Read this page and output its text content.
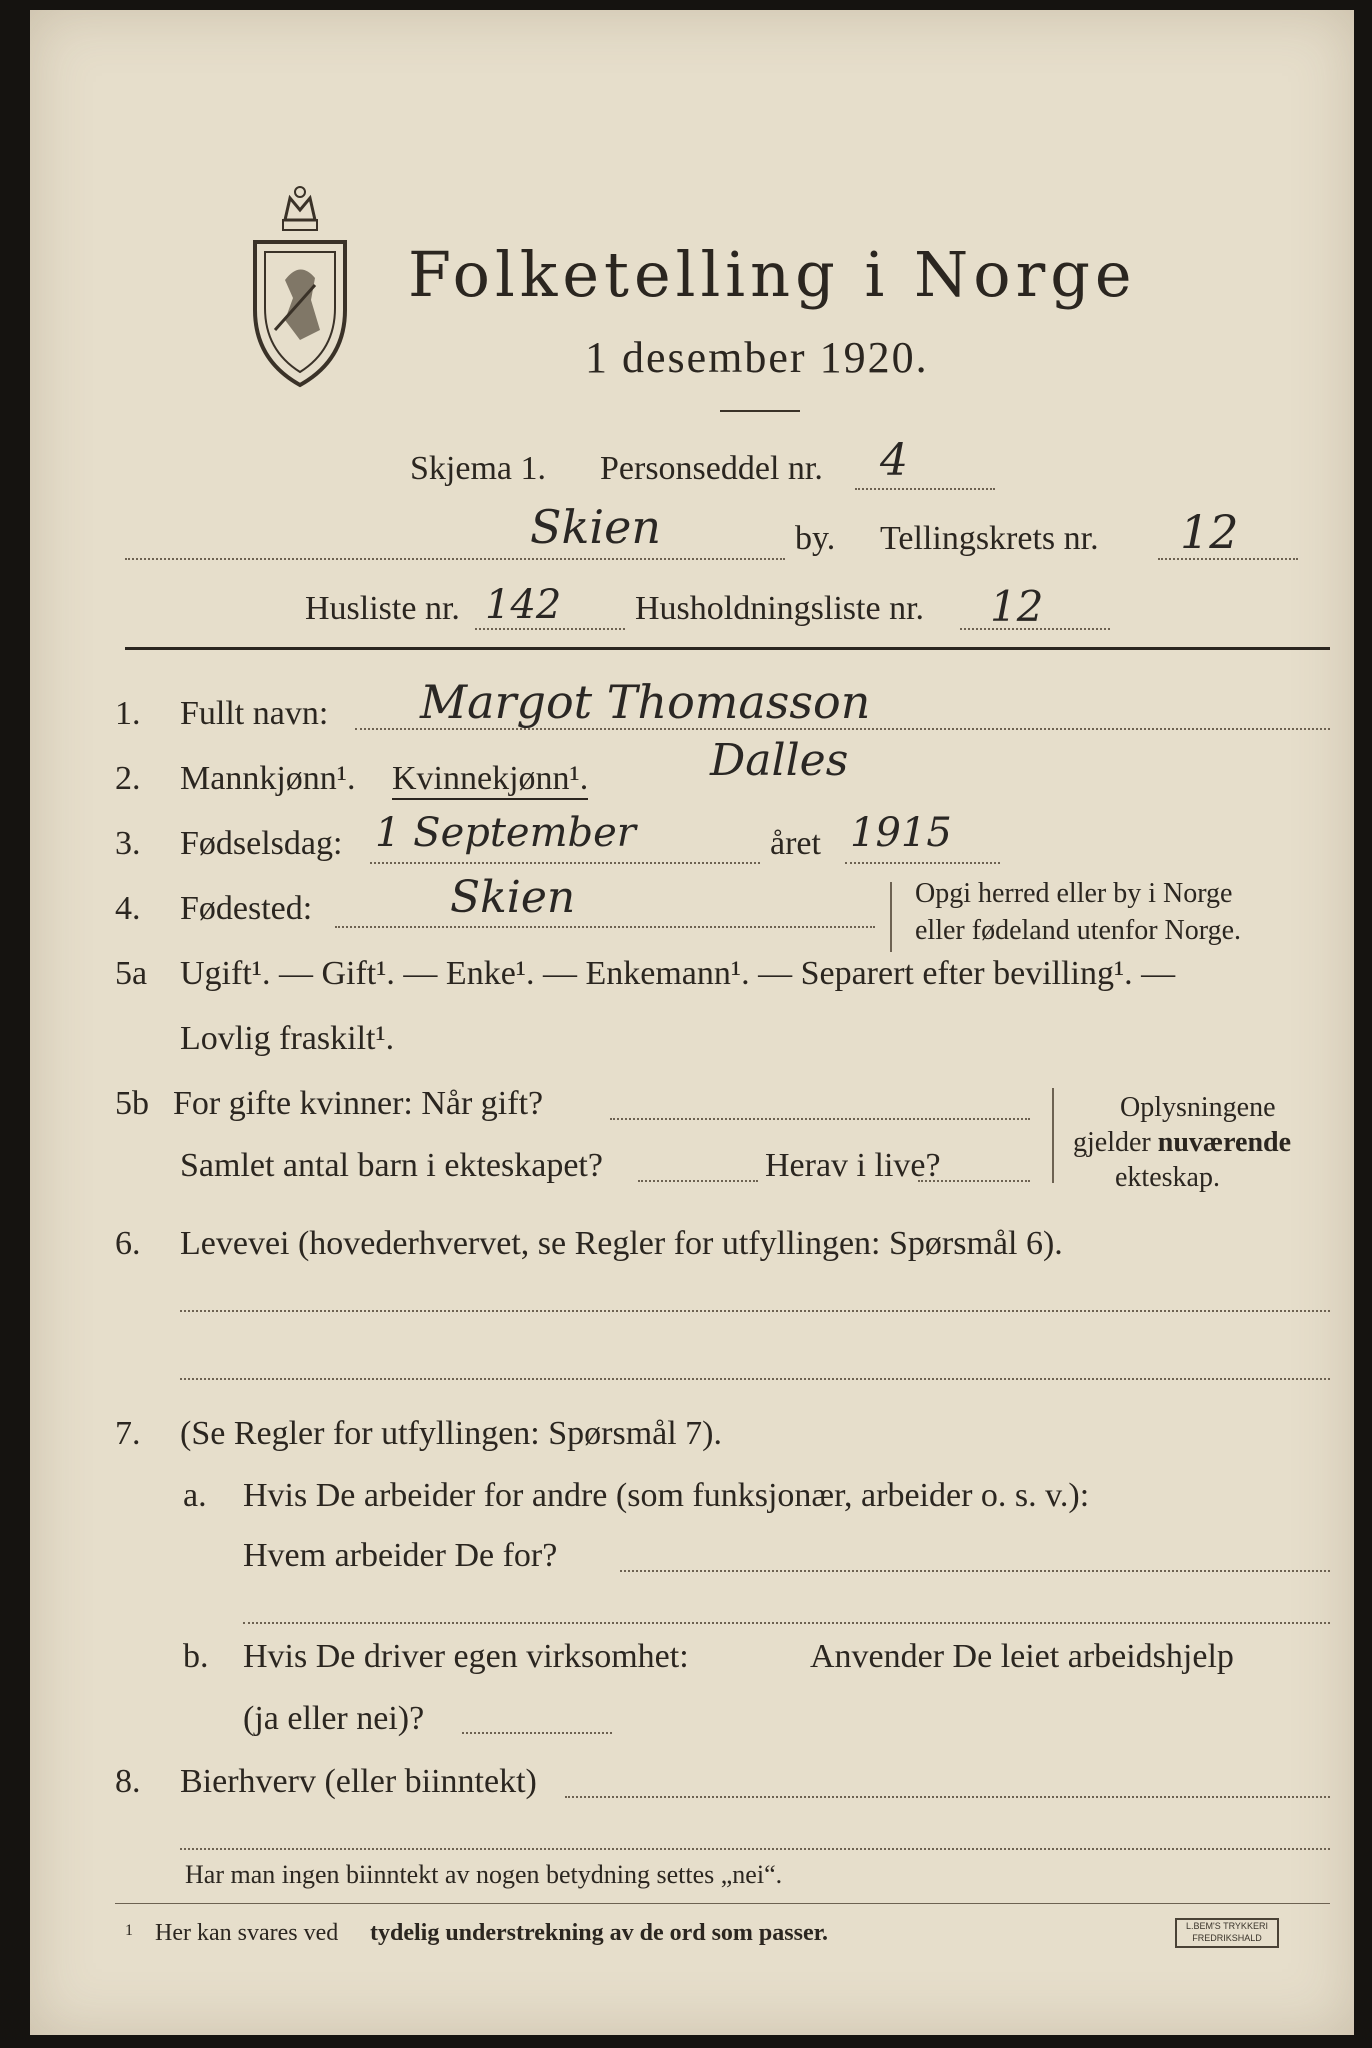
Folketelling i Norge
1 desember 1920.
Skjema 1. Personseddel nr. 4
Skien	by. Tellingskrets nr. 12
Husliste nr. 142 Husholdningsliste nr. 12
1. Fullt navn: Margot Thomasson
Dalles
2. Mannkjønn¹. Kvinnekjønn¹.
3. Fødselsdag: 1 September	året 1915
4. Fødested:	Skien	Opgi herred eller by i Norge
eller fødeland utenfor Norge.
5a Ugift¹. — Gift¹. — Enke¹. — Enkemann¹. — Separert efter bevilling¹. —
Lovlig fraskilt¹.
5b For gifte kvinner: Når gift?
Samlet antal barn i ekteskapet?	Herav i live?
Oplysningene
gjelder nuværende
ekteskap.
6. Levevei (hovederhvervet, se Regler for utfyllingen: Spørsmål 6).
7. (Se Regler for utfyllingen: Spørsmål 7).
a. Hvis De arbeider for andre (som funksjonær, arbeider o. s. v.):
Hvem arbeider De for?
b. Hvis De driver egen virksomhet:	Anvender De leiet arbeidshjelp
(ja eller nei)?
8. Bierhverv (eller biinntekt)
Har man ingen biinntekt av nogen betydning settes „nei“.
1 Her kan svares ved tydelig understrekning av de ord som passer.	L.BEM'S TRYKKERI
FREDRIKSHALD
